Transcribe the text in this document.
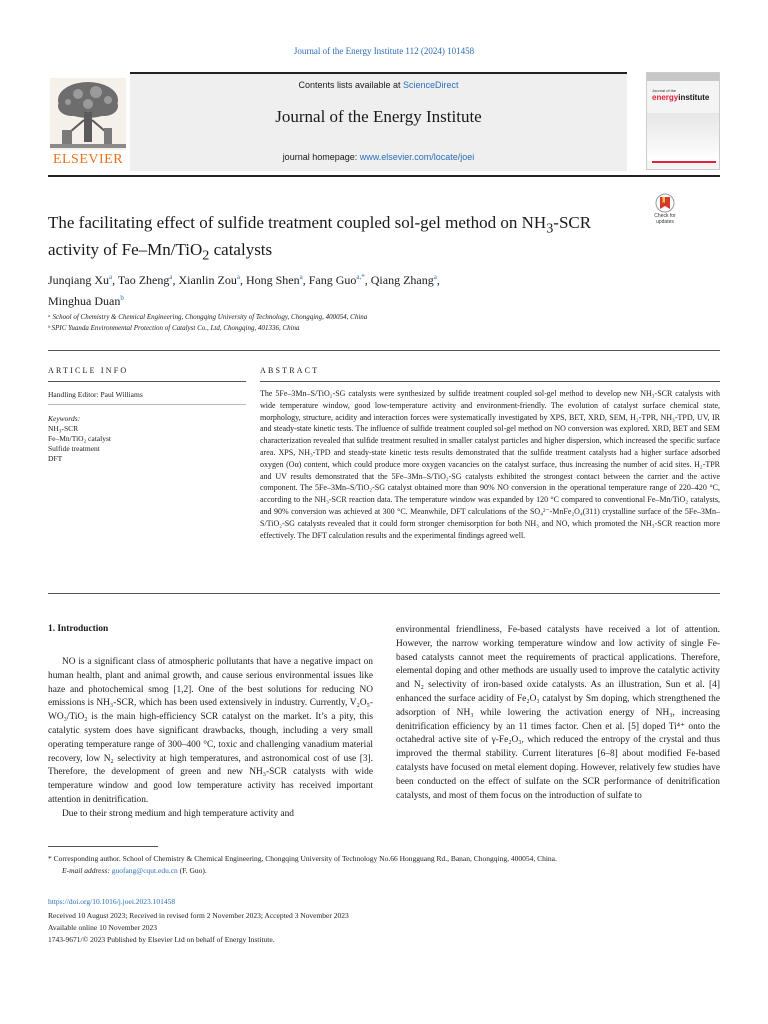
Journal of the Energy Institute 112 (2024) 101458
Contents lists available at ScienceDirect
Journal of the Energy Institute
journal homepage: www.elsevier.com/locate/joei
ELSEVIER
Journal of the
energyinstitute
The facilitating effect of sulfide treatment coupled sol-gel method on $NH_3$-SCR activity of Fe–Mn/TiO$_2$ catalysts
Check for updates
Junqiang Xu$^a$, Tao Zheng$^a$, Xianlin Zou$^a$, Hong Shen$^a$, Fang Guo$^{a,*}$, Qiang Zhang$^a$,
Minghua Duan$^b$
ᵃ School of Chemistry & Chemical Engineering, Chongqing University of Technology, Chongqing, 400054, China
ᵇ SPIC Yuanda Environmental Protection of Catalyst Co., Ltd, Chongqing, 401336, China
ARTICLE INFO	ABSTRACT
Handling Editor: Paul Williams
Keywords:
NH₃-SCR
Fe–Mn/TiO₂ catalyst
Sulfide treatment
DFT
The 5Fe–3Mn–S/TiO₂-SG catalysts were synthesized by sulfide treatment coupled sol-gel method to develop new NH₃-SCR catalysts with wide temperature window, good low-temperature activity and environment-friendly. The evolution of catalyst surface chemical state, morphology, structure, acidity and interaction forces were systematically investigated by XPS, BET, XRD, SEM, H₂-TPR, NH₃-TPD, UV, IR and steady-state kinetic tests. The influence of sulfide treatment coupled sol-gel method on NO conversion was explored. XRD, BET and SEM characterization revealed that sulfide treatment resulted in smaller catalyst particles and higher dispersion, which increased the specific surface area. XPS, NH₃-TPD and steady-state kinetic tests results demonstrated that the sulfide treatment catalysts had a higher surface adsorbed oxygen (Oα) content, which could produce more oxygen vacancies on the catalyst surface, thus increasing the number of acid sites. H₂-TPR and UV results demonstrated that the 5Fe–3Mn–S/TiO₂-SG catalysts exhibited the strongest contact between the carrier and the active component. The 5Fe–3Mn–S/TiO₂-SG catalyst obtained more than 90% NO conversion in the operational temperature range of 220–420 °C, according to the NH₃-SCR reaction data. The temperature window was expanded by 120 °C compared to conventional Fe–Mn/TiO₂ catalysts, and 90% conversion was achieved at 300 °C. Meanwhile, DFT calculations of the SO₄²⁻-MnFe₂O₄(311) crystalline surface of the 5Fe–3Mn–S/TiO₂-SG catalysts revealed that it could form stronger chemisorption for both NH₃ and NO, which promoted the NH₃-SCR reaction more effectively. The DFT calculation results and the experimental findings agreed well.
1. Introduction

NO is a significant class of atmospheric pollutants that have a negative impact on human health, plant and animal growth, and cause serious environmental issues like haze and photochemical smog [1,2]. One of the best solutions for reducing NO emissions is NH₃-SCR, which has been used extensively in industry. Currently, V₂O₅-WO₃/TiO₂ is the main high-efficiency SCR catalyst on the market. It’s a pity, this catalytic system does have significant drawbacks, though, including a very small operating temperature range of 300–400 °C, toxic and challenging vanadium material recovery, low N₂ selectivity at high temperatures, and astronomical cost of use [3]. Therefore, the development of green and new NH₃-SCR catalysts with wide temperature window and good low temperature activity has received important attention in denitrification.

Due to their strong medium and high temperature activity and

environmental friendliness, Fe-based catalysts have received a lot of attention. However, the narrow working temperature window and low activity of single Fe-based catalysts cannot meet the requirements of practical applications. Therefore, elemental doping and other methods are usually used to improve the catalytic activity and N₂ selectivity of iron-based oxide catalysts. As an illustration, Sun et al. [4] enhanced the surface acidity of Fe₂O₃ catalyst by Sm doping, which strengthened the adsorption of NH₃ while lowering the activation energy of NH₃, increasing denitrification efficiency by an 11 times factor. Chen et al. [5] doped Ti⁴⁺ onto the octahedral active site of γ-Fe₂O₃, which reduced the entropy of the crystal and thus improved the thermal stability. Current literatures [6–8] about modified Fe-based catalysts have focused on metal element doping. However, relatively few studies have been conducted on the effect of sulfate on the SCR performance of denitrification catalysts, and most of them focus on the introduction of sulfate to
* Corresponding author. School of Chemistry & Chemical Engineering, Chongqing University of Technology No.66 Hongguang Rd., Banan, Chongqing, 400054, China.
E-mail address: guofang@cqut.edu.cn (F. Guo).
https://doi.org/10.1016/j.joei.2023.101458
Received 10 August 2023; Received in revised form 2 November 2023; Accepted 3 November 2023
Available online 10 November 2023
1743-9671/© 2023 Published by Elsevier Ltd on behalf of Energy Institute.
